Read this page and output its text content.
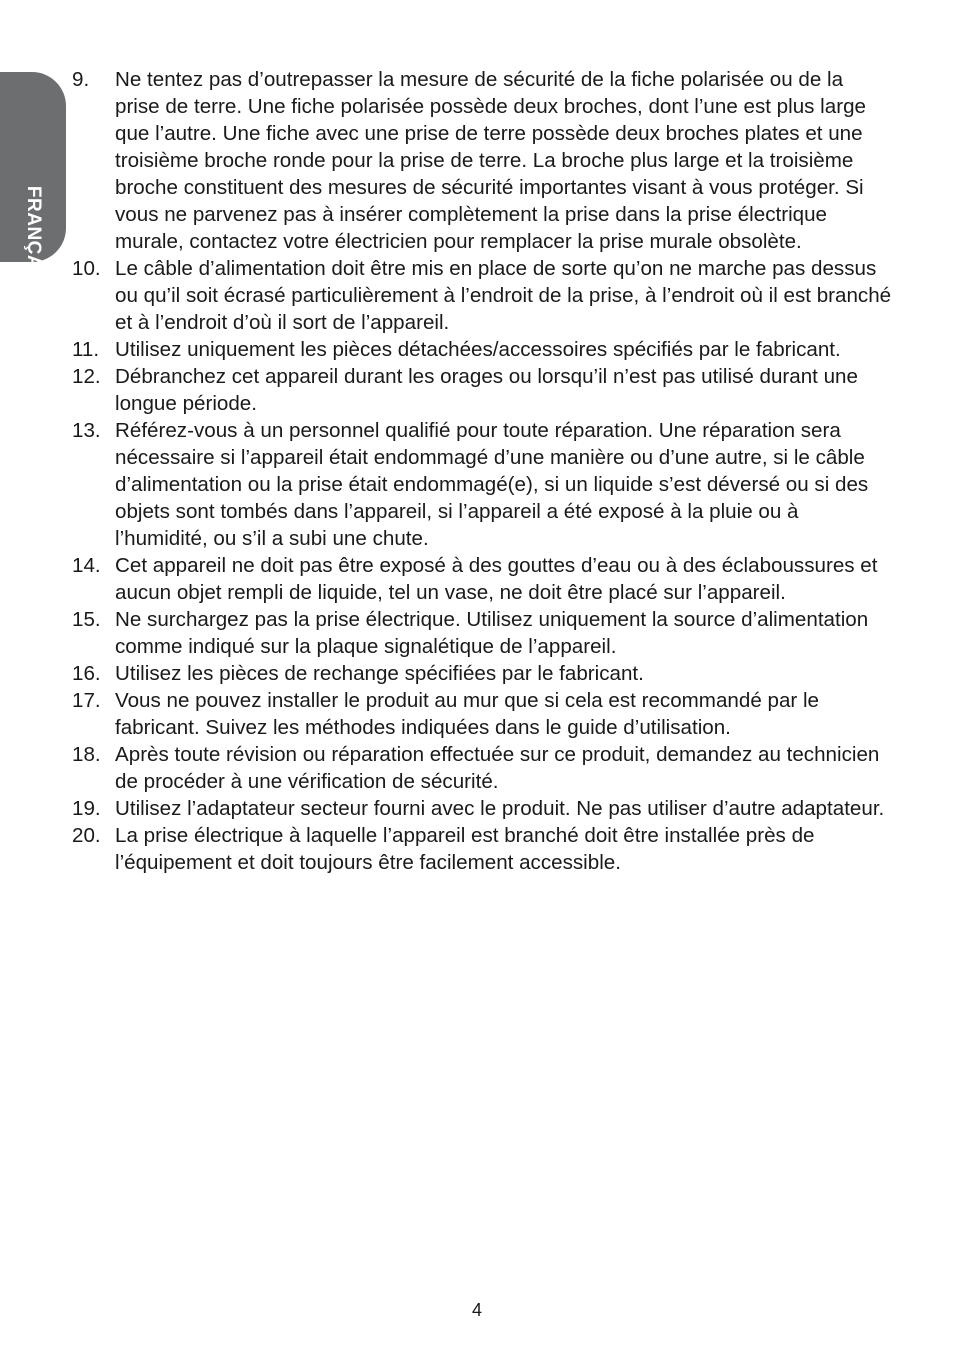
FRANÇAIS
9.	Ne tentez pas d’outrepasser la mesure de sécurité de la fiche polarisée ou de la prise de terre. Une fiche polarisée possède deux broches, dont l’une est plus large que l’autre. Une fiche avec une prise de terre possède deux broches plates et une troisième broche ronde pour la prise de terre. La broche plus large et la troisième broche constituent des mesures de sécurité importantes visant à vous protéger. Si vous ne parvenez pas à insérer complètement la prise dans la prise électrique murale, contactez votre électricien pour remplacer la prise murale obsolète.
10. Le câble d’alimentation doit être mis en place de sorte qu’on ne marche pas dessus ou qu’il soit écrasé particulièrement à l’endroit de la prise, à l’endroit où il est branché et à l’endroit d’où il sort de l’appareil.
11. Utilisez uniquement les pièces détachées/accessoires spécifiés par le fabricant.
12. Débranchez cet appareil durant les orages ou lorsqu’il n’est pas utilisé durant une longue période.
13. Référez-vous à un personnel qualifié pour toute réparation. Une réparation sera nécessaire si l’appareil était endommagé d’une manière ou d’une autre, si le câble d’alimentation ou la prise était endommagé(e), si un liquide s’est déversé ou si des objets sont tombés dans l’appareil, si l’appareil a été exposé à la pluie ou à l’humidité, ou s’il a subi une chute.
14. Cet appareil ne doit pas être exposé à des gouttes d’eau ou à des éclaboussures et aucun objet rempli de liquide, tel un vase, ne doit être placé sur l’appareil.
15. Ne surchargez pas la prise électrique. Utilisez uniquement la source d’alimentation comme indiqué sur la plaque signalétique de l’appareil.
16. Utilisez les pièces de rechange spécifiées par le fabricant.
17. Vous ne pouvez installer le produit au mur que si cela est recommandé par le fabricant. Suivez les méthodes indiquées dans le guide d’utilisation.
18. Après toute révision ou réparation effectuée sur ce produit, demandez au technicien de procéder à une vérification de sécurité.
19. Utilisez l’adaptateur secteur fourni avec le produit. Ne pas utiliser d’autre adaptateur.
20. La prise électrique à laquelle l’appareil est branché doit être installée près de l’équipement et doit toujours être facilement accessible.
4
